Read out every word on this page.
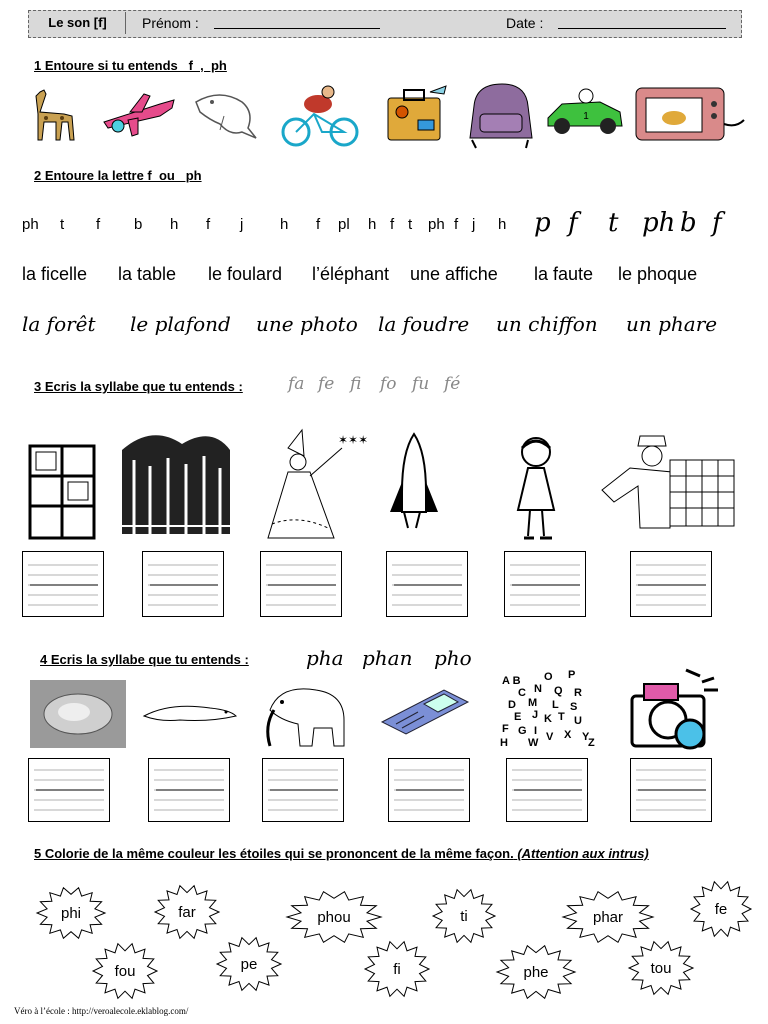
Le son [f]	Prénom :	Date :
1 Entoure si tu entends   f  ,  ph
1
2 Entoure la lettre f  ou   ph
ph t f b h f j h f pl h f t ph f j h p f t ph b f
la ficelle la table le foulard l’éléphant une affiche la faute le phoque
la forêt le plafond une photo la foudre un chiffon un phare
3 Ecris la syllabe que tu entends :	fa fe fi fo fu fé
✶✶✶
4 Ecris la syllabe que tu entends :	pha phan pho
A B O P C N Q R D M L S E J K T U F G I V X H W	YZ
5 Colorie de la même couleur les étoiles qui se prononcent de la même façon. (Attention aux intrus)
phi	far	phou	ti	phar	fe
fou	pe	fi	phe	tou
Véro à l’école : http://veroalecole.eklablog.com/
